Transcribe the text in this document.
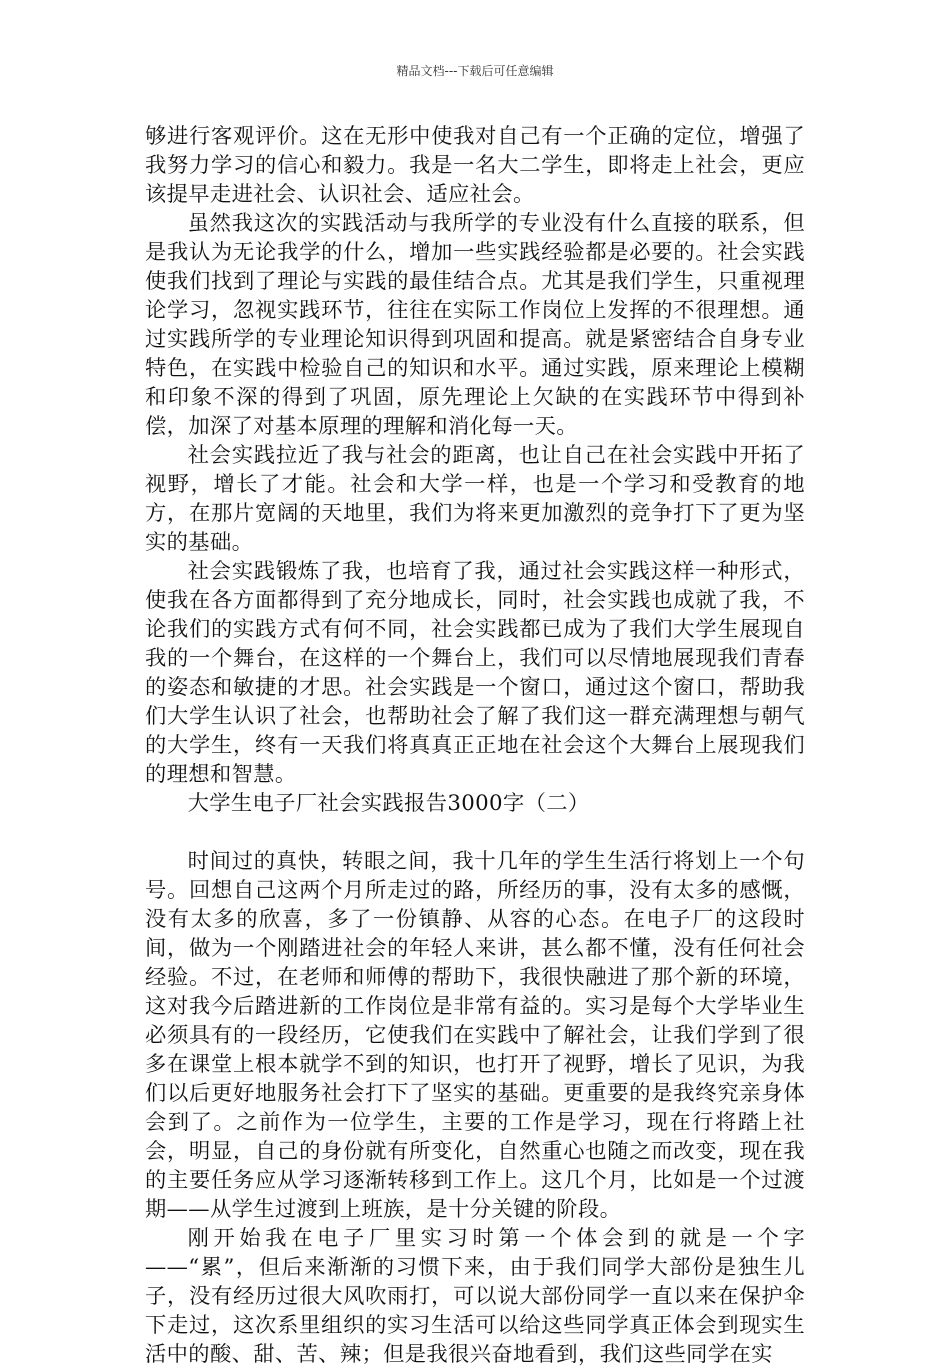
精品文档---下载后可任意编辑

够进行客观评价。这在无形中使我对自己有一个正确的定位，增强了我努力学习的信心和毅力。我是一名大二学生，即将走上社会，更应该提早走进社会、认识社会、适应社会。

虽然我这次的实践活动与我所学的专业没有什么直接的联系，但是我认为无论我学的什么，增加一些实践经验都是必要的。社会实践使我们找到了理论与实践的最佳结合点。尤其是我们学生，只重视理论学习，忽视实践环节，往往在实际工作岗位上发挥的不很理想。通过实践所学的专业理论知识得到巩固和提高。就是紧密结合自身专业特色，在实践中检验自己的知识和水平。通过实践，原来理论上模糊和印象不深的得到了巩固，原先理论上欠缺的在实践环节中得到补偿，加深了对基本原理的理解和消化每一天。

社会实践拉近了我与社会的距离，也让自己在社会实践中开拓了视野，增长了才能。社会和大学一样，也是一个学习和受教育的地方，在那片宽阔的天地里，我们为将来更加激烈的竞争打下了更为坚实的基础。

社会实践锻炼了我，也培育了我，通过社会实践这样一种形式，使我在各方面都得到了充分地成长，同时，社会实践也成就了我，不论我们的实践方式有何不同，社会实践都已成为了我们大学生展现自我的一个舞台，在这样的一个舞台上，我们可以尽情地展现我们青春的姿态和敏捷的才思。社会实践是一个窗口，通过这个窗口，帮助我们大学生认识了社会，也帮助社会了解了我们这一群充满理想与朝气的大学生，终有一天我们将真真正正地在社会这个大舞台上展现我们的理想和智慧。

大学生电子厂社会实践报告3000字（二）

时间过的真快，转眼之间，我十几年的学生生活行将划上一个句号。回想自己这两个月所走过的路，所经历的事，没有太多的感慨，没有太多的欣喜，多了一份镇静、从容的心态。在电子厂的这段时间，做为一个刚踏进社会的年轻人来讲，甚么都不懂，没有任何社会经验。不过，在老师和师傅的帮助下，我很快融进了那个新的环境，这对我今后踏进新的工作岗位是非常有益的。实习是每个大学毕业生必须具有的一段经历，它使我们在实践中了解社会，让我们学到了很多在课堂上根本就学不到的知识，也打开了视野，增长了见识，为我们以后更好地服务社会打下了坚实的基础。更重要的是我终究亲身体会到了。之前作为一位学生，主要的工作是学习，现在行将踏上社会，明显，自己的身份就有所变化，自然重心也随之而改变，现在我的主要任务应从学习逐渐转移到工作上。这几个月，比如是一个过渡期——从学生过渡到上班族，是十分关键的阶段。

刚开始我在电子厂里实习时第一个体会到的就是一个字——“累”，但后来渐渐的习惯下来，由于我们同学大部份是独生儿子，没有经历过很大风吹雨打，可以说大部份同学一直以来在保护伞下走过，这次系里组织的实习生活可以给这些同学真正体会到现实生活中的酸、甜、苦、辣；但是我很兴奋地看到，我们这些同学在实
